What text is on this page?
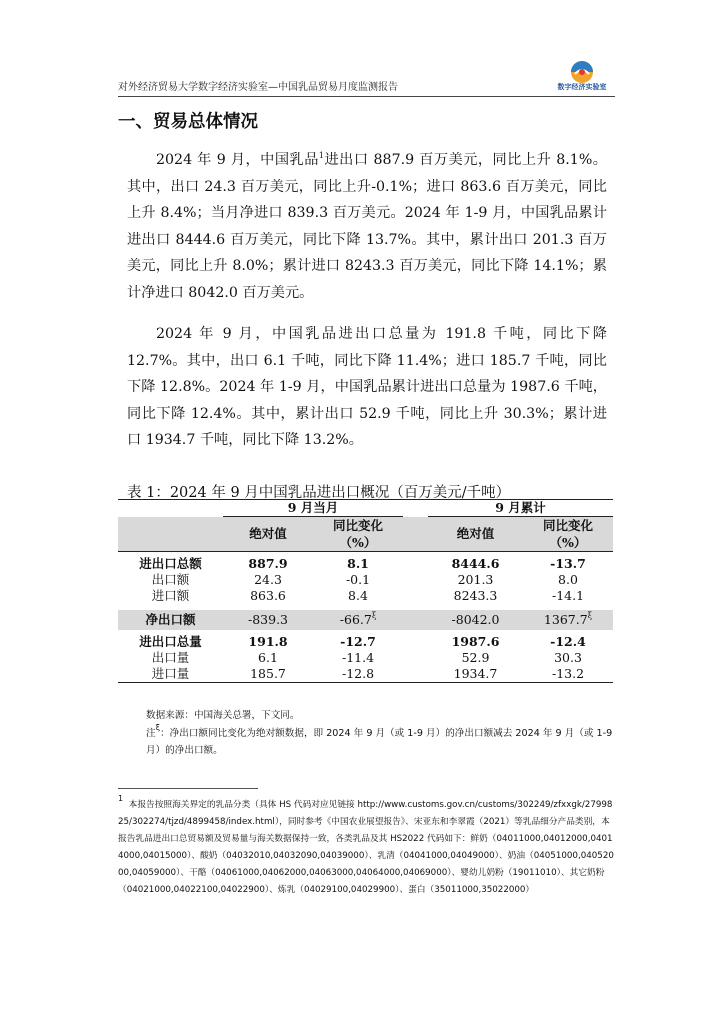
对外经济贸易大学数字经济实验室—中国乳品贸易月度监测报告	数字经济实验室
一、贸易总体情况

2024 年 9 月，中国乳品$^1$进出口 887.9 百万美元，同比上升 8.1%。其中，出口 24.3 百万美元，同比上升-0.1%；进口 863.6 百万美元，同比上升 8.4%；当月净进口 839.3 百万美元。2024 年 1-9 月，中国乳品累计进出口 8444.6 百万美元，同比下降 13.7%。其中，累计出口 201.3 百万美元，同比上升 8.0%；累计进口 8243.3 百万美元，同比下降 14.1%；累计净进口 8042.0 百万美元。

2024 年 9 月，中国乳品进出口总量为 191.8 千吨，同比下降 12.7%。其中，出口 6.1 千吨，同比下降 11.4%；进口 185.7 千吨，同比下降 12.8%。2024 年 1-9 月，中国乳品累计进出口总量为 1987.6 千吨，同比下降 12.4%。其中，累计出口 52.9 千吨，同比上升 30.3%；累计进口 1934.7 千吨，同比下降 13.2%。

表 1：2024 年 9 月中国乳品进出口概况（百万美元/千吨）
	9 月当月			9 月累计	
	绝对值	同比变化
（%）		绝对值	同比变化
（%）

进出口总额	887.9	8.1		8444.6	-13.7
出口额	24.3	-0.1		201.3	8.0
进口额	863.6	8.4		8243.3	-14.1

净出口额	-839.3	$-66.7^\xi$		-8042.0	$1367.7^\xi$

进出口总量	191.8	-12.7		1987.6	-12.4
出口量	6.1	-11.4		52.9	30.3
进口量	185.7	-12.8		1934.7	-13.2

数据来源：中国海关总署，下文同。

注$^\xi$：净出口额同比变化为绝对额数据，即 2024 年 9 月（或 1-9 月）的净出口额减去 2024 年 9 月（或 1-9 月）的净出口额。

$^1$  本报告按照海关界定的乳品分类（具体 HS 代码对应见链接 http://www.customs.gov.cn/customs/302249/zfxxgk/2799825/302274/tjzd/4899458/index.html），同时参考《中国农业展望报告》、宋亚东和李翠霞（2021）等乳品细分产品类别，本报告乳品进出口总贸易额及贸易量与海关数据保持一致，各类乳品及其 HS2022 代码如下：鲜奶（04011000,04012000,04014000,04015000）、酸奶（04032010,04032090,04039000）、乳清（04041000,04049000）、奶油（04051000,04052000,04059000）、干酪（04061000,04062000,04063000,04064000,04069000）、婴幼儿奶粉（19011010）、其它奶粉（04021000,04022100,04022900）、炼乳（04029100,04029900）、蛋白（35011000,35022000）
